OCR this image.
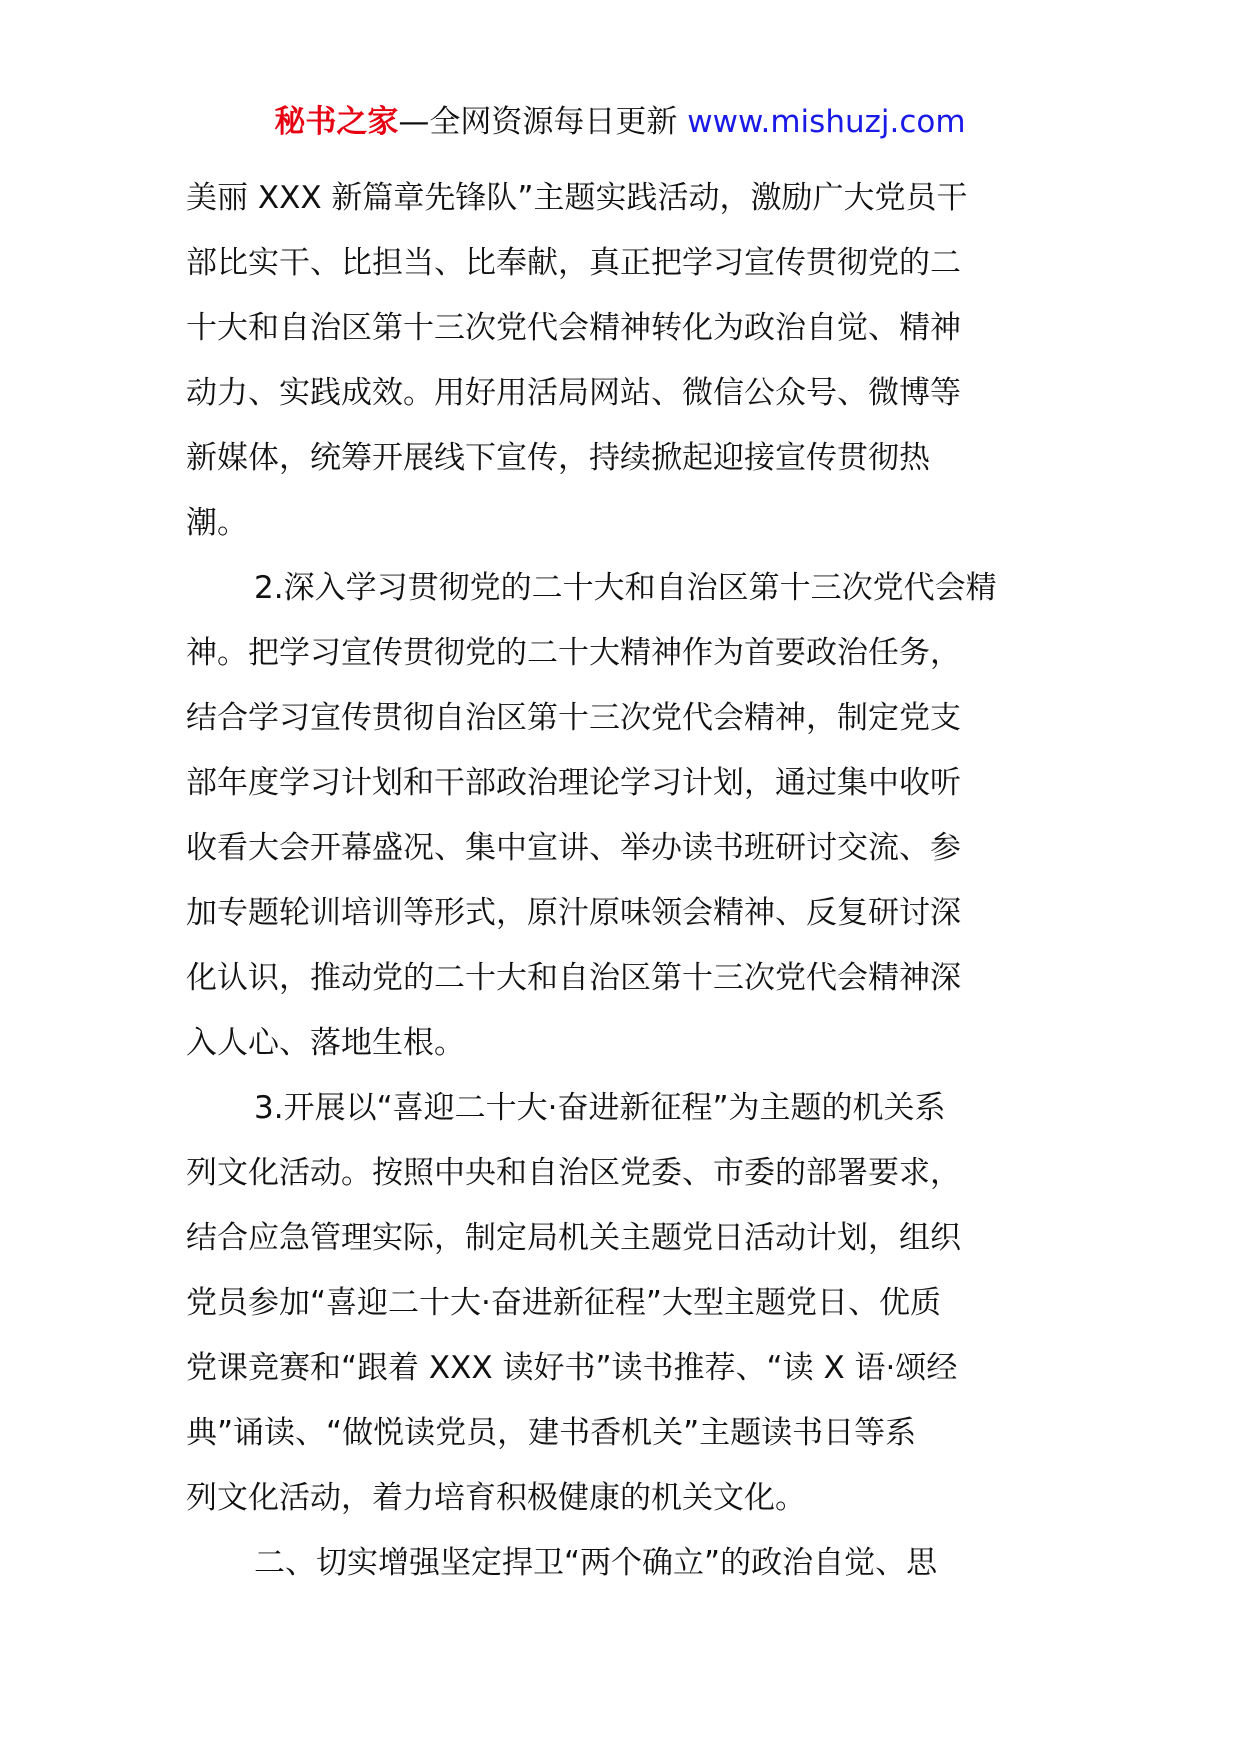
秘书之家—全网资源每日更新 www.mishuzj.com
美丽 XXX 新篇章先锋队”主题实践活动，激励广大党员干
部比实干、比担当、比奉献，真正把学习宣传贯彻党的二
十大和自治区第十三次党代会精神转化为政治自觉、精神
动力、实践成效。用好用活局网站、微信公众号、微博等
新媒体，统筹开展线下宣传，持续掀起迎接宣传贯彻热
潮。
2.深入学习贯彻党的二十大和自治区第十三次党代会精
神。把学习宣传贯彻党的二十大精神作为首要政治任务，
结合学习宣传贯彻自治区第十三次党代会精神，制定党支
部年度学习计划和干部政治理论学习计划，通过集中收听
收看大会开幕盛况、集中宣讲、举办读书班研讨交流、参
加专题轮训培训等形式，原汁原味领会精神、反复研讨深
化认识，推动党的二十大和自治区第十三次党代会精神深
入人心、落地生根。
3.开展以“喜迎二十大·奋进新征程”为主题的机关系
列文化活动。按照中央和自治区党委、市委的部署要求，
结合应急管理实际，制定局机关主题党日活动计划，组织
党员参加“喜迎二十大·奋进新征程”大型主题党日、优质
党课竞赛和“跟着 XXX 读好书”读书推荐、“读 X 语·颂经
典”诵读、“做悦读党员，建书香机关”主题读书日等系
列文化活动，着力培育积极健康的机关文化。
二、切实增强坚定捍卫“两个确立”的政治自觉、思
